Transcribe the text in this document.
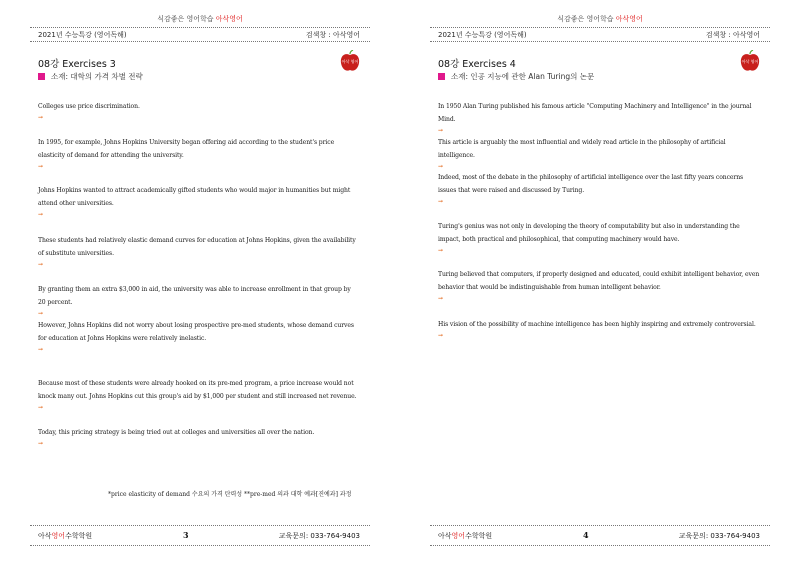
식감좋은 영어학습 아삭영어
2021년 수능특강 (영어독해)	검색창 : 아삭영어
08강 Exercises 3
소재: 대학의 가격 차별 전략
아삭 영어
Colleges use price discrimination.
→
In 1995, for example, Johns Hopkins University began offering aid according to the student's price elasticity of demand for attending the university.
→
Johns Hopkins wanted to attract academically gifted students who would major in humanities but might attend other universities.
→
These students had relatively elastic demand curves for education at Johns Hopkins, given the availability of substitute universities.
→
By granting them an extra $3,000 in aid, the university was able to increase enrollment in that group by 20 percent.
→
However, Johns Hopkins did not worry about losing prospective pre-med students, whose demand curves for education at Johns Hopkins were relatively inelastic.
→
Because most of these students were already hooked on its pre-med program, a price increase would not knock many out. Johns Hopkins cut this group's aid by $1,000 per student and still increased net revenue.
→
Today, this pricing strategy is being tried out at colleges and universities all over the nation.
→
*price elasticity of demand 수요의 가격 탄력성 **pre-med 의과 대학 예과[진예과] 과정
아삭영어수학학원	3	교육문의: 033-764-9403
식감좋은 영어학습 아삭영어
2021년 수능특강 (영어독해)	검색창 : 아삭영어
08강 Exercises 4
소재: 인공 지능에 관한 Alan Turing의 논문
아삭 영어
In 1950 Alan Turing published his famous article "Computing Machinery and Intelligence" in the journal Mind.
→
This article is arguably the most influential and widely read article in the philosophy of artificial intelligence.
→
Indeed, most of the debate in the philosophy of artificial intelligence over the last fifty years concerns issues that were raised and discussed by Turing.
→
Turing's genius was not only in developing the theory of computability but also in understanding the impact, both practical and philosophical, that computing machinery would have.
→
Turing believed that computers, if properly designed and educated, could exhibit intelligent behavior, even behavior that would be indistinguishable from human intelligent behavior.
→
His vision of the possibility of machine intelligence has been highly inspiring and extremely controversial.
→
아삭영어수학학원	4	교육문의: 033-764-9403
